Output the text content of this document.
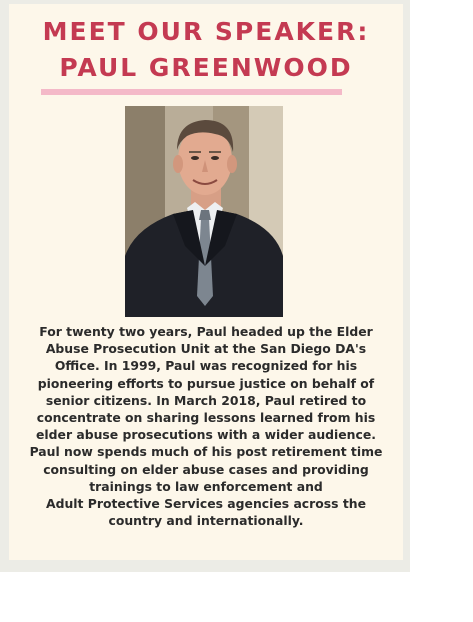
MEET OUR SPEAKER:
PAUL GREENWOOD
For twenty two years, Paul headed up the Elder
Abuse Prosecution Unit at the San Diego DA's
Office. In 1999, Paul was recognized for his
pioneering efforts to pursue justice on behalf of
senior citizens. In March 2018, Paul retired to
concentrate on sharing lessons learned from his
elder abuse prosecutions with a wider audience.
Paul now spends much of his post retirement time
consulting on elder abuse cases and providing
trainings to law enforcement and
Adult Protective Services agencies across the
country and internationally.
